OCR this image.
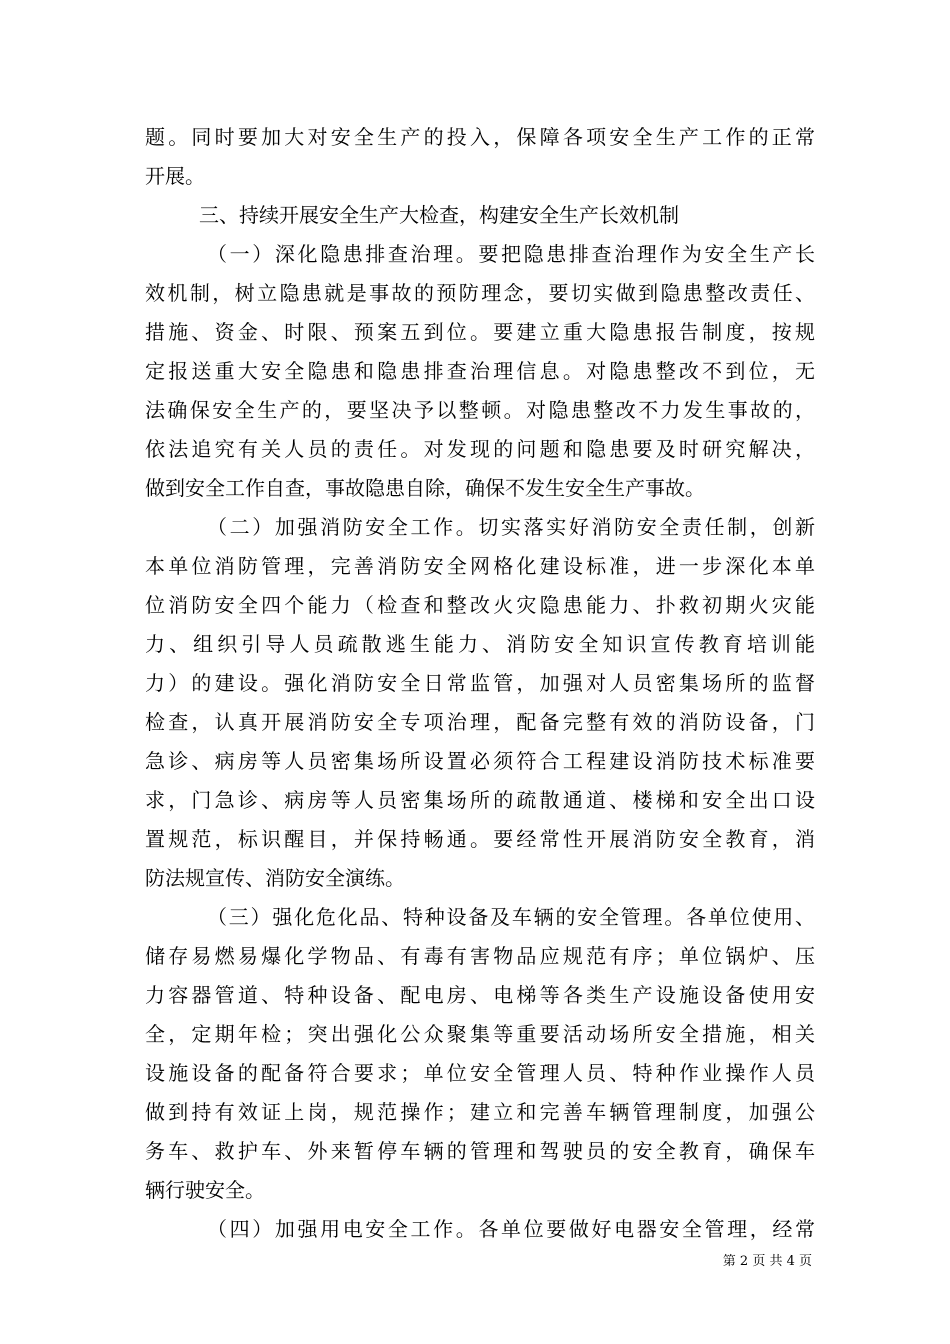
题。同时要加大对安全生产的投入，保障各项安全生产工作的正常
开展。
三、持续开展安全生产大检查，构建安全生产长效机制
（一）深化隐患排查治理。要把隐患排查治理作为安全生产长
效机制，树立隐患就是事故的预防理念，要切实做到隐患整改责任、
措施、资金、时限、预案五到位。要建立重大隐患报告制度，按规
定报送重大安全隐患和隐患排查治理信息。对隐患整改不到位，无
法确保安全生产的，要坚决予以整顿。对隐患整改不力发生事故的，
依法追究有关人员的责任。对发现的问题和隐患要及时研究解决，
做到安全工作自查，事故隐患自除，确保不发生安全生产事故。
（二）加强消防安全工作。切实落实好消防安全责任制，创新
本单位消防管理，完善消防安全网格化建设标准，进一步深化本单
位消防安全四个能力（检查和整改火灾隐患能力、扑救初期火灾能
力、组织引导人员疏散逃生能力、消防安全知识宣传教育培训能
力）的建设。强化消防安全日常监管，加强对人员密集场所的监督
检查，认真开展消防安全专项治理，配备完整有效的消防设备，门
急诊、病房等人员密集场所设置必须符合工程建设消防技术标准要
求，门急诊、病房等人员密集场所的疏散通道、楼梯和安全出口设
置规范，标识醒目，并保持畅通。要经常性开展消防安全教育，消
防法规宣传、消防安全演练。
（三）强化危化品、特种设备及车辆的安全管理。各单位使用、
储存易燃易爆化学物品、有毒有害物品应规范有序；单位锅炉、压
力容器管道、特种设备、配电房、电梯等各类生产设施设备使用安
全，定期年检；突出强化公众聚集等重要活动场所安全措施，相关
设施设备的配备符合要求；单位安全管理人员、特种作业操作人员
做到持有效证上岗，规范操作；建立和完善车辆管理制度，加强公
务车、救护车、外来暂停车辆的管理和驾驶员的安全教育，确保车
辆行驶安全。
（四）加强用电安全工作。各单位要做好电器安全管理，经常
第 2 页 共 4 页
